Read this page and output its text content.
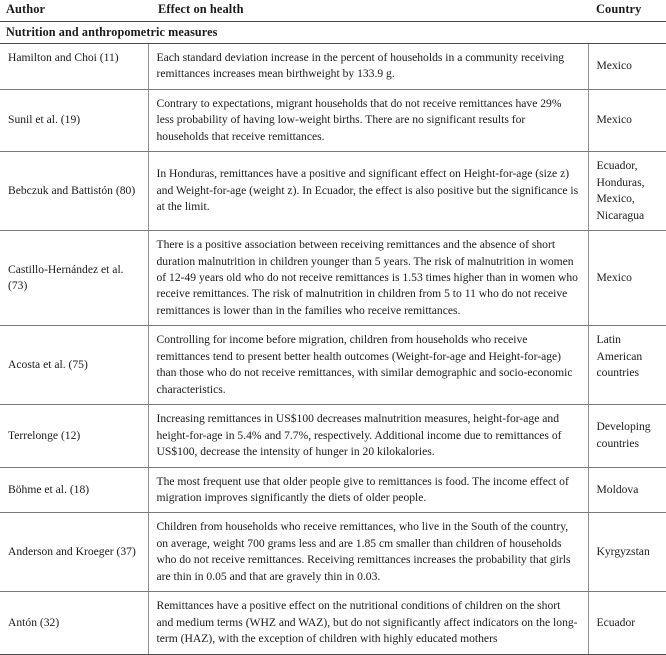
Author	Effect on health	Country
Nutrition and anthropometric measures		
Hamilton and Choi (11)	Each standard deviation increase in the percent of households in a community receiving remittances increases mean birthweight by 133.9 g.	Mexico
Sunil et al. (19)	Contrary to expectations, migrant households that do not receive remittances have 29% less probability of having low-weight births. There are no significant results for households that receive remittances.	Mexico
Bebczuk and Battistón (80)	In Honduras, remittances have a positive and significant effect on Height-for-age (size z) and Weight-for-age (weight z). In Ecuador, the effect is also positive but the significance is at the limit.	Ecuador, Honduras, Mexico, Nicaragua
Castillo-Hernández et al. (73)	There is a positive association between receiving remittances and the absence of short duration malnutrition in children younger than 5 years. The risk of malnutrition in women of 12-49 years old who do not receive remittances is 1.53 times higher than in women who receive remittances. The risk of malnutrition in children from 5 to 11 who do not receive remittances is lower than in the families who receive remittances.	Mexico
Acosta et al. (75)	Controlling for income before migration, children from households who receive remittances tend to present better health outcomes (Weight-for-age and Height-for-age) than those who do not receive remittances, with similar demographic and socio-economic characteristics.	Latin American countries
Terrelonge (12)	Increasing remittances in US$100 decreases malnutrition measures, height-for-age and height-for-age in 5.4% and 7.7%, respectively. Additional income due to remittances of US$100, decrease the intensity of hunger in 20 kilokalories.	Developing countries
Böhme et al. (18)	The most frequent use that older people give to remittances is food. The income effect of migration improves significantly the diets of older people.	Moldova
Anderson and Kroeger (37)	Children from households who receive remittances, who live in the South of the country, on average, weight 700 grams less and are 1.85 cm smaller than children of households who do not receive remittances. Receiving remittances increases the probability that girls are thin in 0.05 and that are gravely thin in 0.03.	Kyrgyzstan
Antón (32)	Remittances have a positive effect on the nutritional conditions of children on the short and medium terms (WHZ and WAZ), but do not significantly affect indicators on the long-term (HAZ), with the exception of children with highly educated mothers	Ecuador
